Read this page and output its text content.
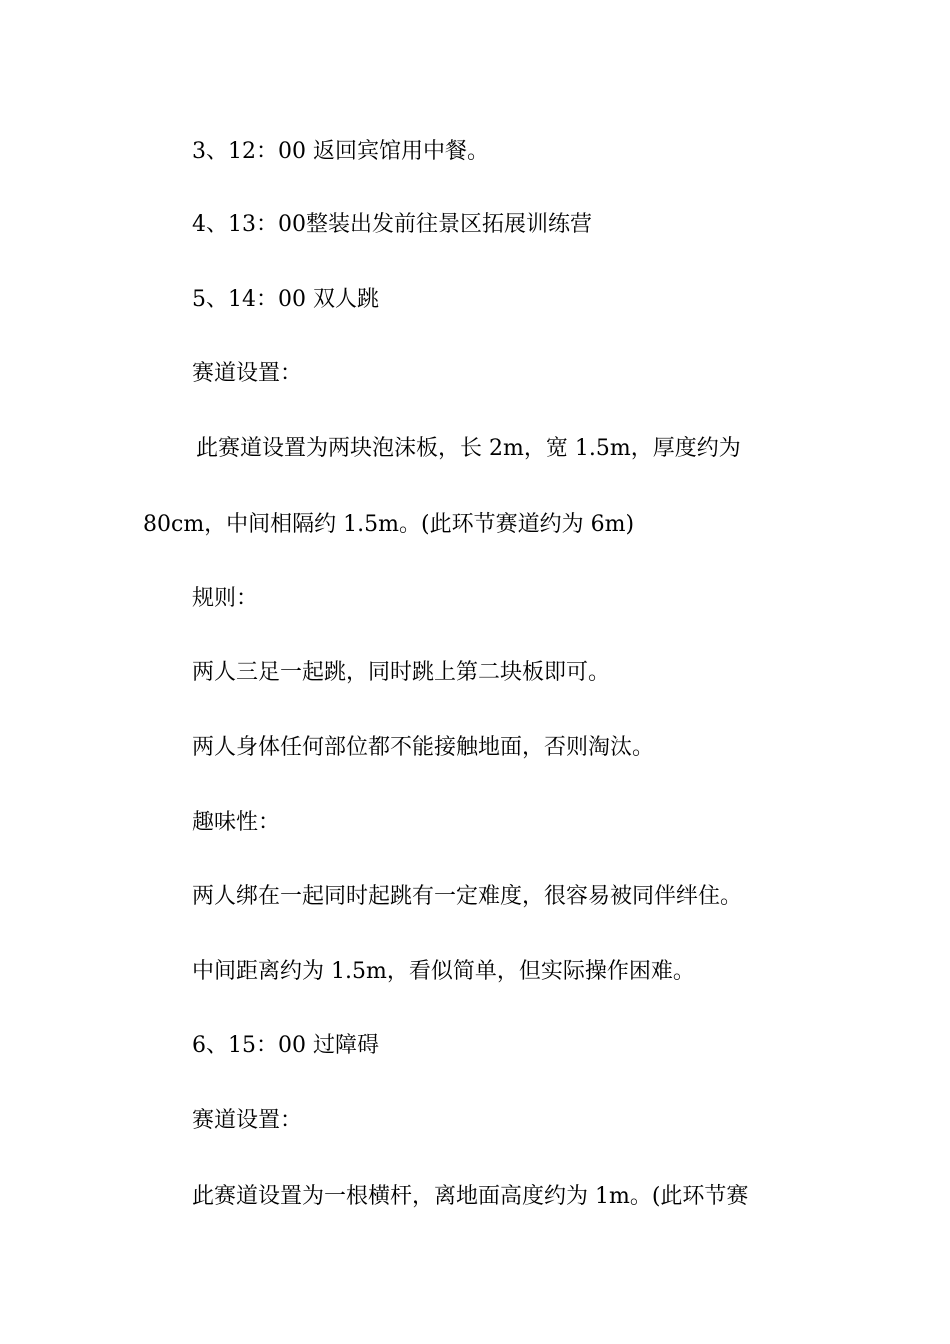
3、12：00 返回宾馆用中餐。
4、13：00整装出发前往景区拓展训练营
5、14：00 双人跳
赛道设置：
此赛道设置为两块泡沫板，长 2m，宽 1.5m，厚度约为
80cm，中间相隔约 1.5m。(此环节赛道约为 6m)
规则：
两人三足一起跳，同时跳上第二块板即可。
两人身体任何部位都不能接触地面，否则淘汰。
趣味性：
两人绑在一起同时起跳有一定难度，很容易被同伴绊住。
中间距离约为 1.5m，看似简单，但实际操作困难。
6、15：00 过障碍
赛道设置：
此赛道设置为一根横杆，离地面高度约为 1m。(此环节赛
